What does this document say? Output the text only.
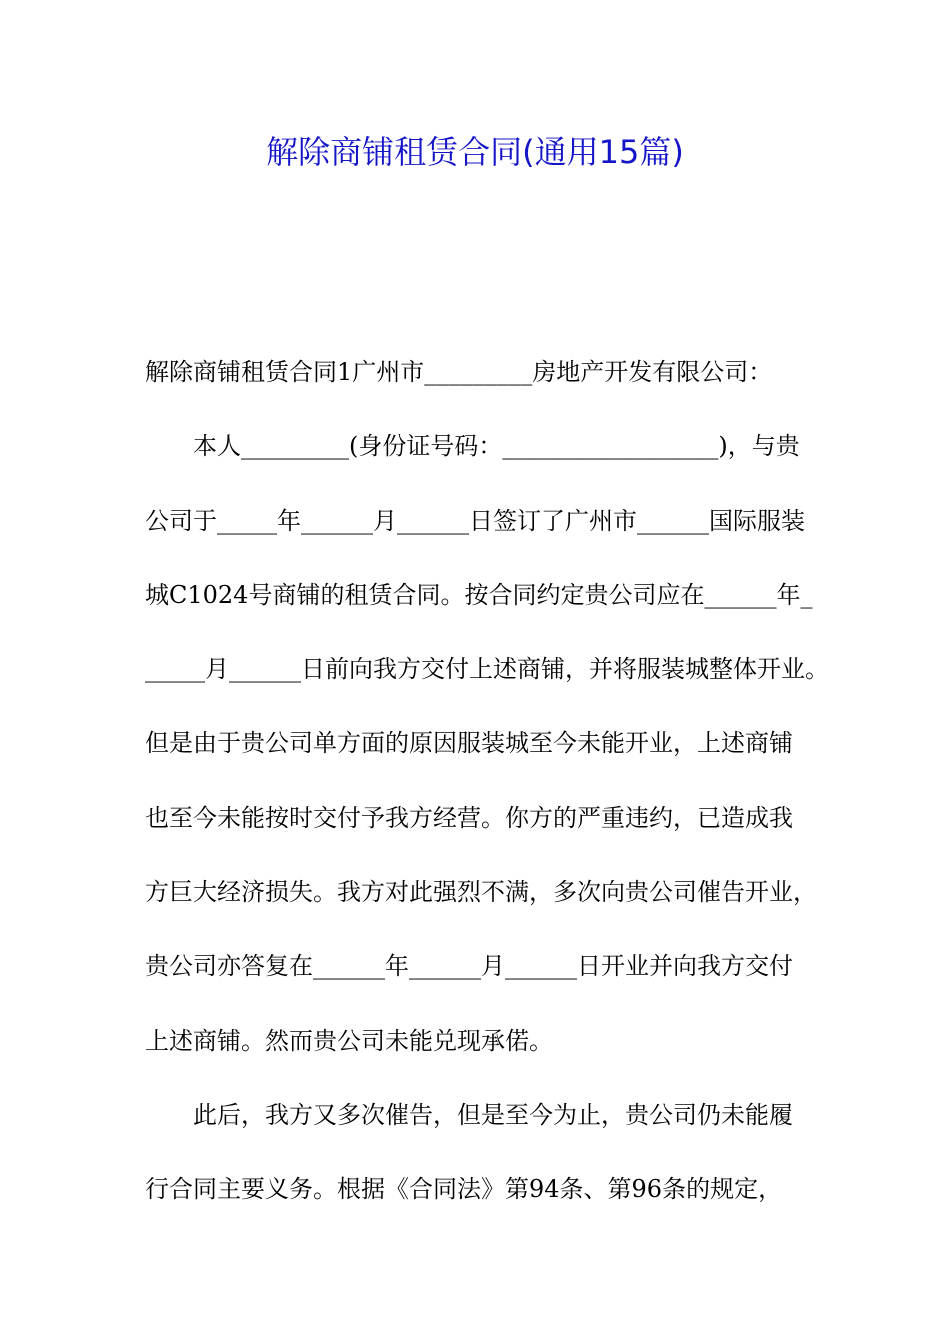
解除商铺租赁合同(通用15篇)
解除商铺租赁合同1广州市_________房地产开发有限公司：
　　本人_________(身份证号码：__________________)，与贵
公司于_____年______月______日签订了广州市______国际服装
城C1024号商铺的租赁合同。按合同约定贵公司应在______年_
_____月______日前向我方交付上述商铺，并将服装城整体开业。
但是由于贵公司单方面的原因服装城至今未能开业，上述商铺
也至今未能按时交付予我方经营。你方的严重违约，已造成我
方巨大经济损失。我方对此强烈不满，多次向贵公司催告开业，
贵公司亦答复在______年______月______日开业并向我方交付
上述商铺。然而贵公司未能兑现承偌。
　　此后，我方又多次催告，但是至今为止，贵公司仍未能履
行合同主要义务。根据《合同法》第94条、第96条的规定，
